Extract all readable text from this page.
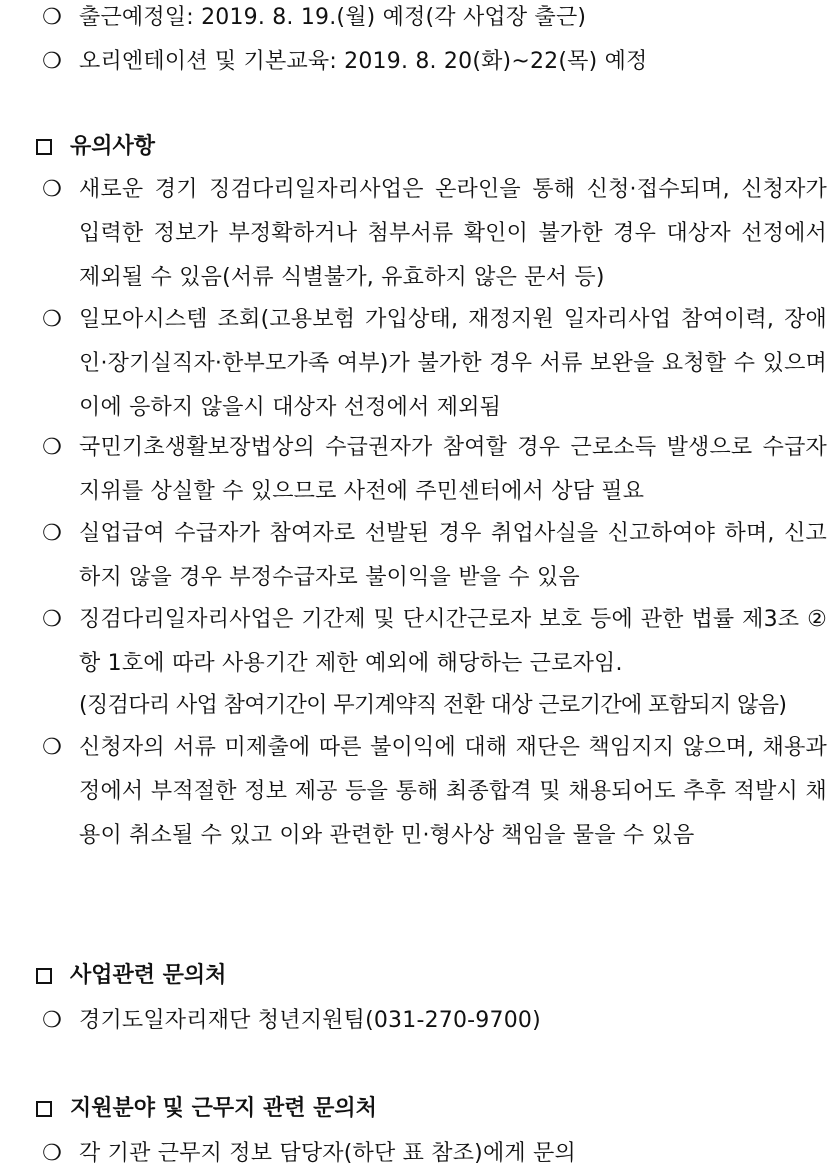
❍ 출근예정일: 2019. 8. 19.(월) 예정(각 사업장 출근)
❍ 오리엔테이션 및 기본교육: 2019. 8. 20(화)~22(목) 예정
유의사항
❍ 새로운 경기 징검다리일자리사업은 온라인을 통해 신청·접수되며, 신청자가 입력한 정보가 부정확하거나 첨부서류 확인이 불가한 경우 대상자 선정에서 제외될 수 있음(서류 식별불가, 유효하지 않은 문서 등)
❍ 일모아시스템 조회(고용보험 가입상태, 재정지원 일자리사업 참여이력, 장애인·장기실직자·한부모가족 여부)가 불가한 경우 서류 보완을 요청할 수 있으며 이에 응하지 않을시 대상자 선정에서 제외됨
❍ 국민기초생활보장법상의 수급권자가 참여할 경우 근로소득 발생으로 수급자 지위를 상실할 수 있으므로 사전에 주민센터에서 상담 필요
❍ 실업급여 수급자가 참여자로 선발된 경우 취업사실을 신고하여야 하며, 신고하지 않을 경우 부정수급자로 불이익을 받을 수 있음
❍ 징검다리일자리사업은 기간제 및 단시간근로자 보호 등에 관한 법률 제3조 ②항 1호에 따라 사용기간 제한 예외에 해당하는 근로자임.
(징검다리 사업 참여기간이 무기계약직 전환 대상 근로기간에 포함되지 않음)
❍ 신청자의 서류 미제출에 따른 불이익에 대해 재단은 책임지지 않으며, 채용과정에서 부적절한 정보 제공 등을 통해 최종합격 및 채용되어도 추후 적발시 채용이 취소될 수 있고 이와 관련한 민·형사상 책임을 물을 수 있음
사업관련 문의처
❍ 경기도일자리재단 청년지원팀(031-270-9700)
지원분야 및 근무지 관련 문의처
❍ 각 기관 근무지 정보 담당자(하단 표 참조)에게 문의
